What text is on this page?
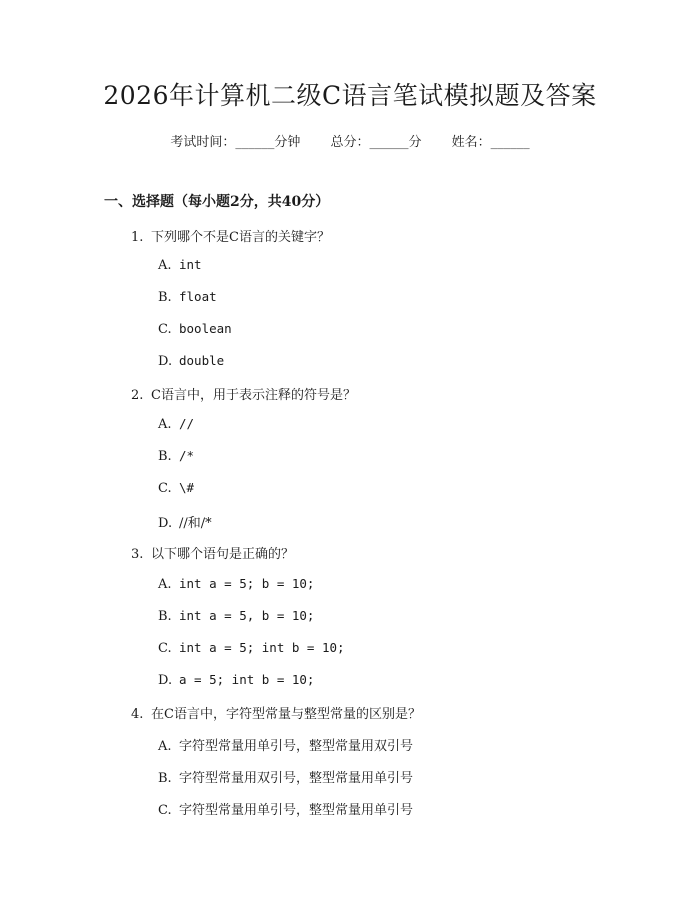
2026年计算机二级C语言笔试模拟题及答案
考试时间：______分钟 总分：______分 姓名：______
一、选择题（每小题2分，共40分）
1. 下列哪个不是C语言的关键字？
A. int
B. float
C. boolean
D. double
2. C语言中，用于表示注释的符号是？
A. //
B. /*
C. \#
D. //和/*
3. 以下哪个语句是正确的？
A. int a = 5; b = 10;
B. int a = 5, b = 10;
C. int a = 5; int b = 10;
D. a = 5; int b = 10;
4. 在C语言中，字符型常量与整型常量的区别是？
A. 字符型常量用单引号，整型常量用双引号
B. 字符型常量用双引号，整型常量用单引号
C. 字符型常量用单引号，整型常量用单引号
